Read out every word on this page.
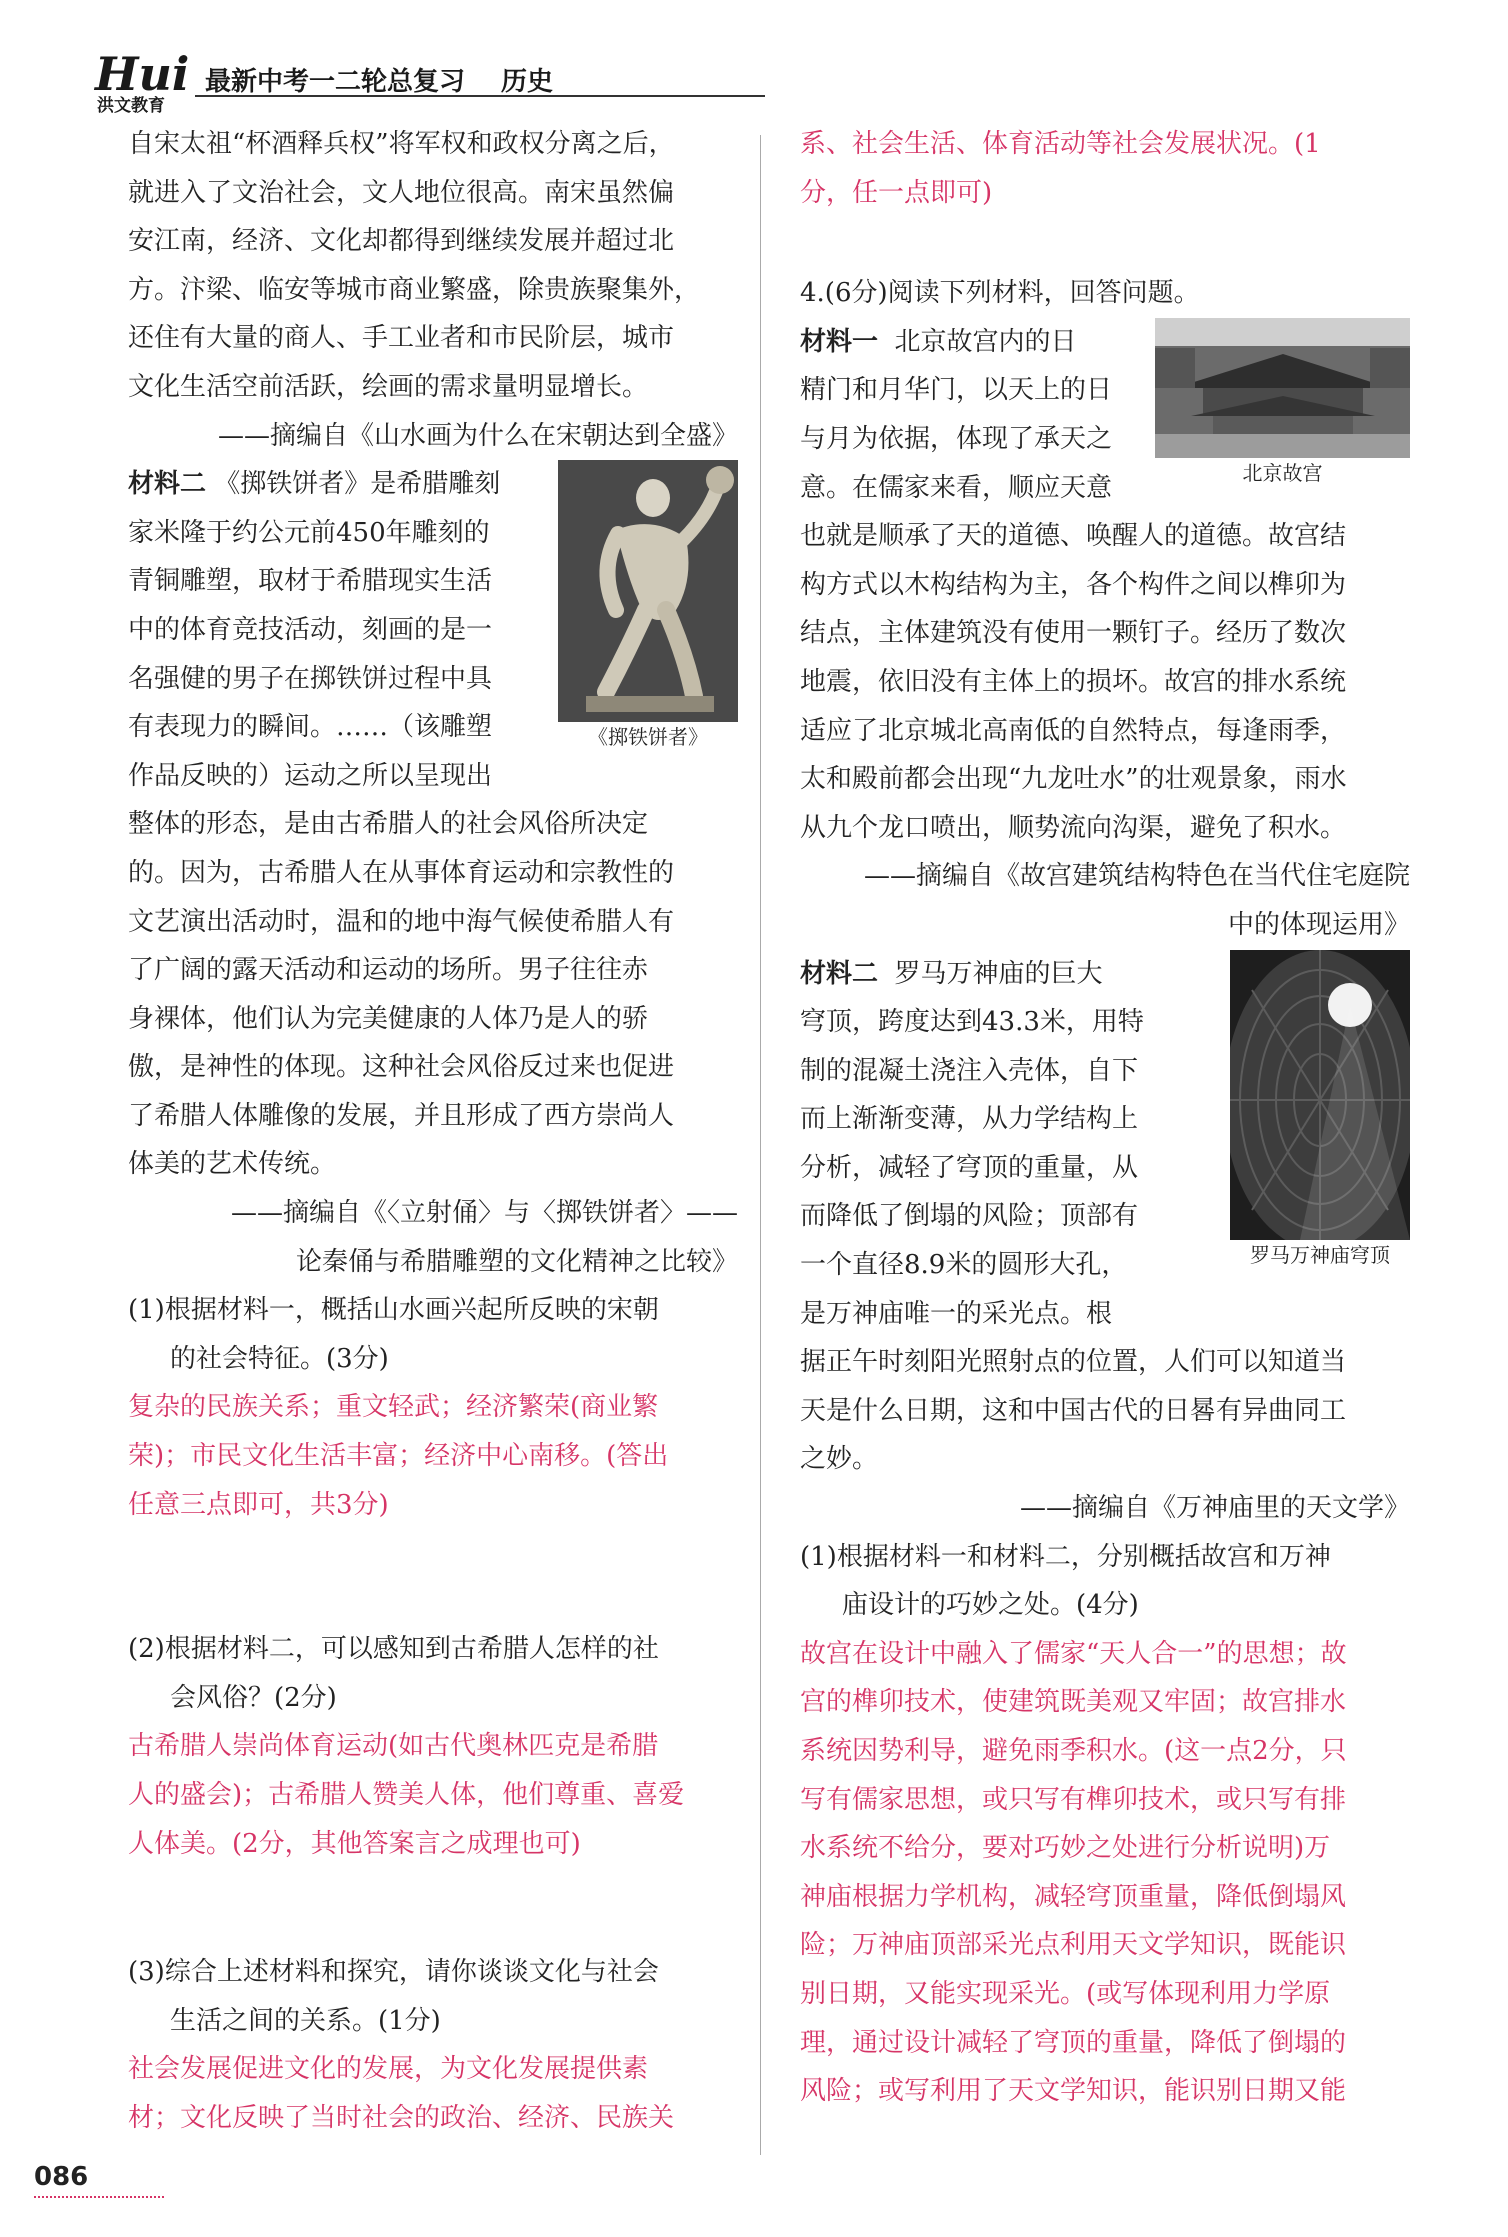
Hui
洪文教育
最新中考一二轮总复习 历史

自宋太祖“杯酒释兵权”将军权和政权分离之后，
就进入了文治社会，文人地位很高。南宋虽然偏
安江南，经济、文化却都得到继续发展并超过北
方。汴梁、临安等城市商业繁盛，除贵族聚集外，
还住有大量的商人、手工业者和市民阶层，城市
文化生活空前活跃，绘画的需求量明显增长。

——摘编自《山水画为什么在宋朝达到全盛》

《掷铁饼者》

材料二 《掷铁饼者》是希腊雕刻
家米隆于约公元前450年雕刻的
青铜雕塑，取材于希腊现实生活
中的体育竞技活动，刻画的是一
名强健的男子在掷铁饼过程中具
有表现力的瞬间。……（该雕塑
作品反映的）运动之所以呈现出
整体的形态，是由古希腊人的社会风俗所决定
的。因为，古希腊人在从事体育运动和宗教性的
文艺演出活动时，温和的地中海气候使希腊人有
了广阔的露天活动和运动的场所。男子往往赤
身裸体，他们认为完美健康的人体乃是人的骄
傲，是神性的体现。这种社会风俗反过来也促进
了希腊人体雕像的发展，并且形成了西方崇尚人
体美的艺术传统。

——摘编自《〈立射俑〉与〈掷铁饼者〉——
论秦俑与希腊雕塑的文化精神之比较》

(1)根据材料一，概括山水画兴起所反映的宋朝
的社会特征。(3分)

复杂的民族关系；重文轻武；经济繁荣(商业繁
荣)；市民文化生活丰富；经济中心南移。(答出
任意三点即可，共3分)

(2)根据材料二，可以感知到古希腊人怎样的社
会风俗？(2分)

古希腊人崇尚体育运动(如古代奥林匹克是希腊
人的盛会)；古希腊人赞美人体，他们尊重、喜爱
人体美。(2分，其他答案言之成理也可)

(3)综合上述材料和探究，请你谈谈文化与社会
生活之间的关系。(1分)

社会发展促进文化的发展，为文化发展提供素
材；文化反映了当时社会的政治、经济、民族关

系、社会生活、体育活动等社会发展状况。(1
分，任一点即可)

4.(6分)阅读下列材料，回答问题。

北京故宫

材料一 北京故宫内的日
精门和月华门，以天上的日
与月为依据，体现了承天之
意。在儒家来看，顺应天意
也就是顺承了天的道德、唤醒人的道德。故宫结
构方式以木构结构为主，各个构件之间以榫卯为
结点，主体建筑没有使用一颗钉子。经历了数次
地震，依旧没有主体上的损坏。故宫的排水系统
适应了北京城北高南低的自然特点，每逢雨季，
太和殿前都会出现“九龙吐水”的壮观景象，雨水
从九个龙口喷出，顺势流向沟渠，避免了积水。

——摘编自《故宫建筑结构特色在当代住宅庭院
中的体现运用》

罗马万神庙穹顶

材料二 罗马万神庙的巨大
穹顶，跨度达到43.3米，用特
制的混凝土浇注入壳体，自下
而上渐渐变薄，从力学结构上
分析，减轻了穹顶的重量，从
而降低了倒塌的风险；顶部有
一个直径8.9米的圆形大孔，
是万神庙唯一的采光点。根
据正午时刻阳光照射点的位置，人们可以知道当
天是什么日期，这和中国古代的日晷有异曲同工
之妙。

——摘编自《万神庙里的天文学》

(1)根据材料一和材料二，分别概括故宫和万神
庙设计的巧妙之处。(4分)

故宫在设计中融入了儒家“天人合一”的思想；故
宫的榫卯技术，使建筑既美观又牢固；故宫排水
系统因势利导，避免雨季积水。(这一点2分，只
写有儒家思想，或只写有榫卯技术，或只写有排
水系统不给分，要对巧妙之处进行分析说明)万
神庙根据力学机构，减轻穹顶重量，降低倒塌风
险；万神庙顶部采光点利用天文学知识，既能识
别日期，又能实现采光。(或写体现利用力学原
理，通过设计减轻了穹顶的重量，降低了倒塌的
风险；或写利用了天文学知识，能识别日期又能

086
